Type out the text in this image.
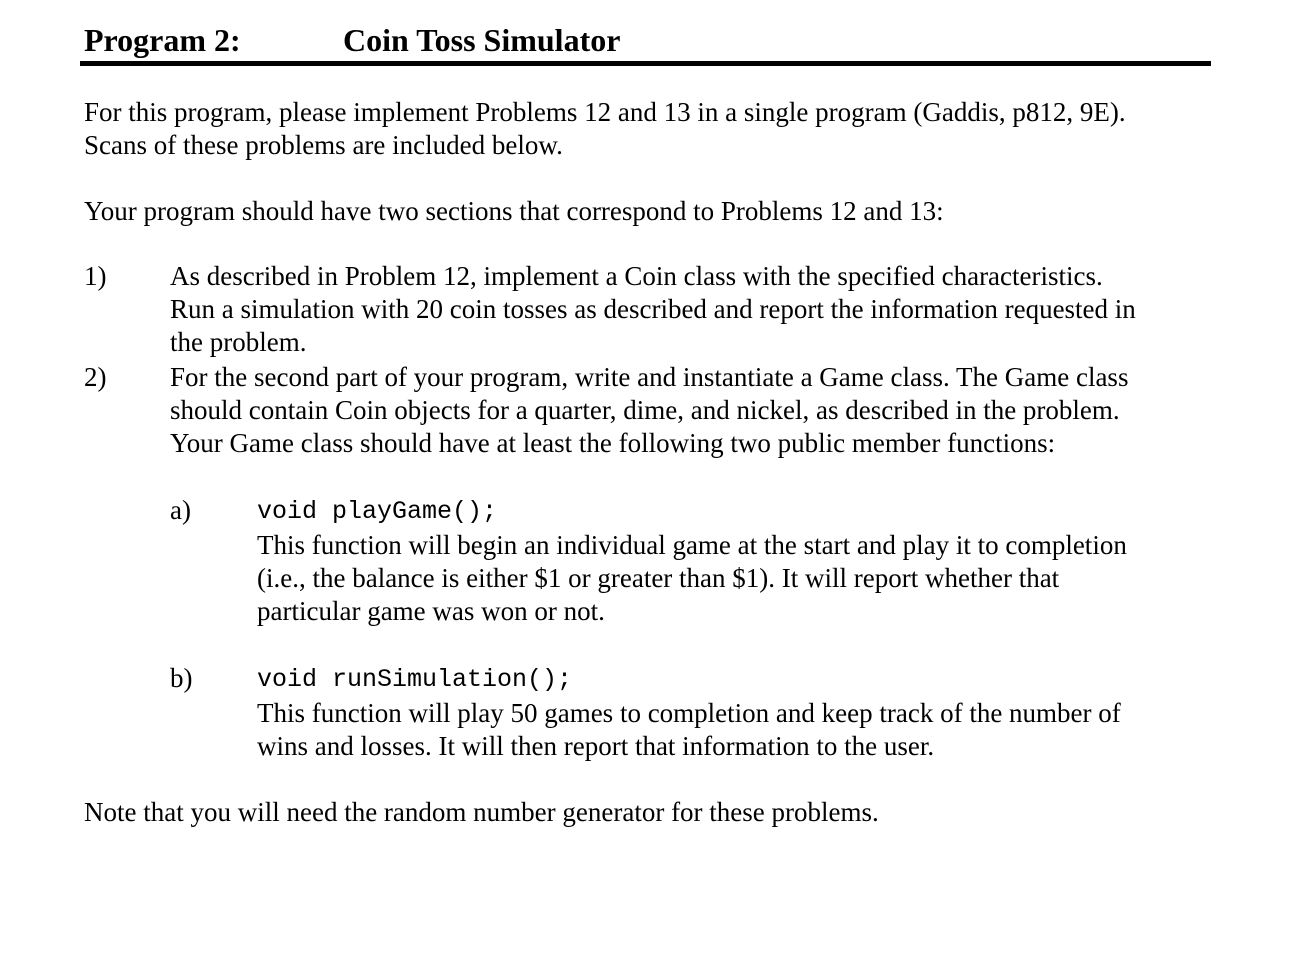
Program 2:	Coin Toss Simulator
For this program, please implement Problems 12 and 13 in a single program (Gaddis, p812, 9E).
Scans of these problems are included below.
Your program should have two sections that correspond to Problems 12 and 13:
1) As described in Problem 12, implement a Coin class with the specified characteristics.
Run a simulation with 20 coin tosses as described and report the information requested in
the problem.
2) For the second part of your program, write and instantiate a Game class. The Game class
should contain Coin objects for a quarter, dime, and nickel, as described in the problem.
Your Game class should have at least the following two public member functions:
a)	void playGame();
This function will begin an individual game at the start and play it to completion
(i.e., the balance is either $1 or greater than $1). It will report whether that
particular game was won or not.
b)	void runSimulation();
This function will play 50 games to completion and keep track of the number of
wins and losses. It will then report that information to the user.
Note that you will need the random number generator for these problems.
